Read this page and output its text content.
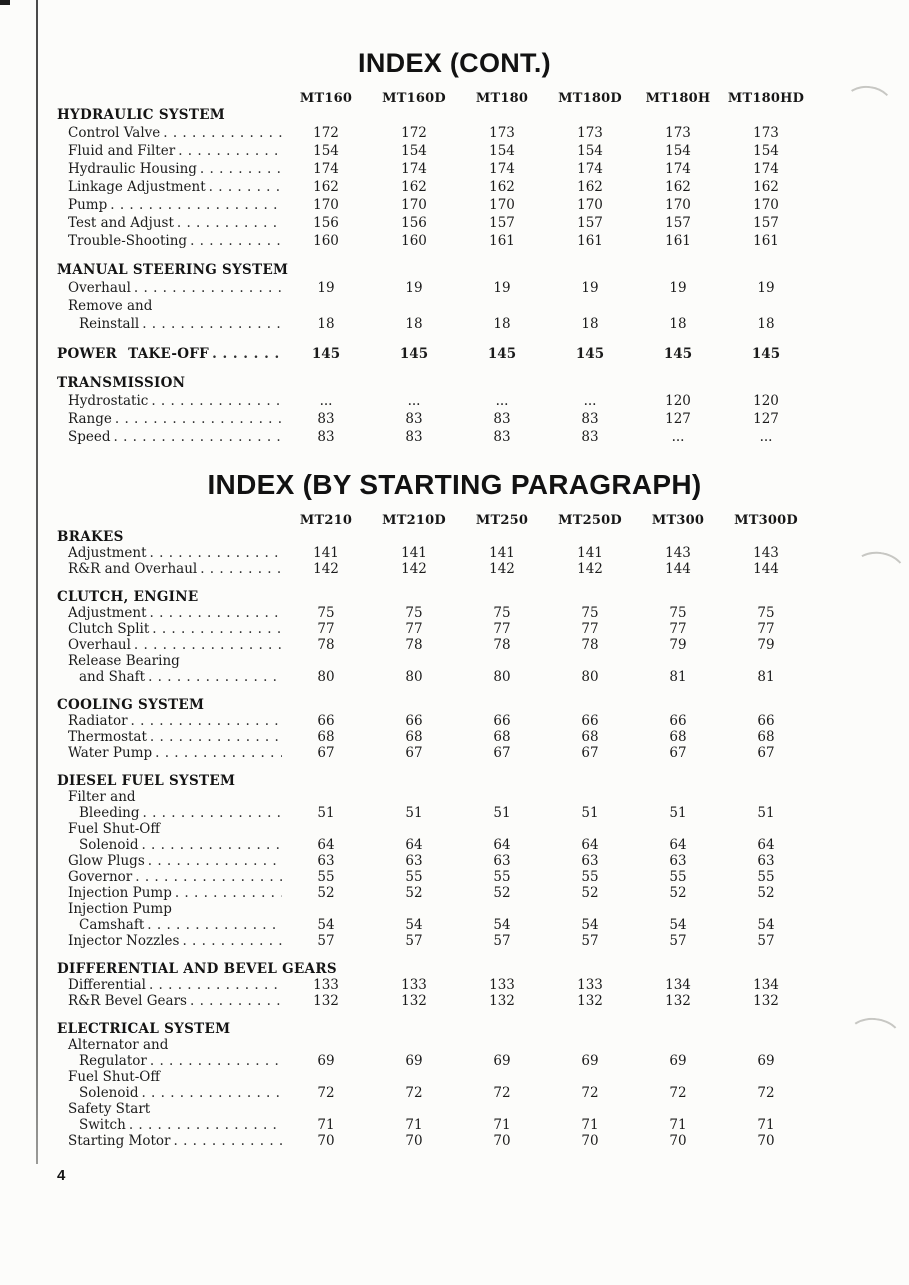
INDEX (CONT.)
MT160	MT160D	MT180	MT180D	MT180H	MT180HD
HYDRAULIC SYSTEM
Control Valve . . .	172	172	173	173	173	173
Fluid and Filter . . .	154	154	154	154	154	154
Hydraulic Housing . . .	174	174	174	174	174	174
Linkage Adjustment . . .	162	162	162	162	162	162
Pump . . .	170	170	170	170	170	170
Test and Adjust . . .	156	156	157	157	157	157
Trouble-Shooting . . .	160	160	161	161	161	161
MANUAL STEERING SYSTEM
Overhaul . . .	19	19	19	19	19	19
Remove and
Reinstall . . .	18	18	18	18	18	18
POWER TAKE-OFF . . .	145	145	145	145	145	145
TRANSMISSION
Hydrostatic . . .	...	...	...	...	120	120
Range . . .	83	83	83	83	127	127
Speed . . .	83	83	83	83	...	...
INDEX (BY STARTING PARAGRAPH)
MT210	MT210D	MT250	MT250D	MT300	MT300D
BRAKES
Adjustment . . .	141	141	141	141	143	143
R&R and Overhaul . . .	142	142	142	142	144	144
CLUTCH, ENGINE
Adjustment . . .	75	75	75	75	75	75
Clutch Split . . .	77	77	77	77	77	77
Overhaul . . .	78	78	78	78	79	79
Release Bearing
and Shaft . . .	80	80	80	80	81	81
COOLING SYSTEM
Radiator . . .	66	66	66	66	66	66
Thermostat . . .	68	68	68	68	68	68
Water Pump . . .	67	67	67	67	67	67
DIESEL FUEL SYSTEM
Filter and
Bleeding . . .	51	51	51	51	51	51
Fuel Shut-Off
Solenoid . . .	64	64	64	64	64	64
Glow Plugs . . .	63	63	63	63	63	63
Governor . . .	55	55	55	55	55	55
Injection Pump . . .	52	52	52	52	52	52
Injection Pump
Camshaft . . .	54	54	54	54	54	54
Injector Nozzles . . .	57	57	57	57	57	57
DIFFERENTIAL AND BEVEL GEARS
Differential . . .	133	133	133	133	134	134
R&R Bevel Gears . . .	132	132	132	132	132	132
ELECTRICAL SYSTEM
Alternator and
Regulator . . .	69	69	69	69	69	69
Fuel Shut-Off
Solenoid . . .	72	72	72	72	72	72
Safety Start
Switch . . .	71	71	71	71	71	71
Starting Motor . . .	70	70	70	70	70	70
4
